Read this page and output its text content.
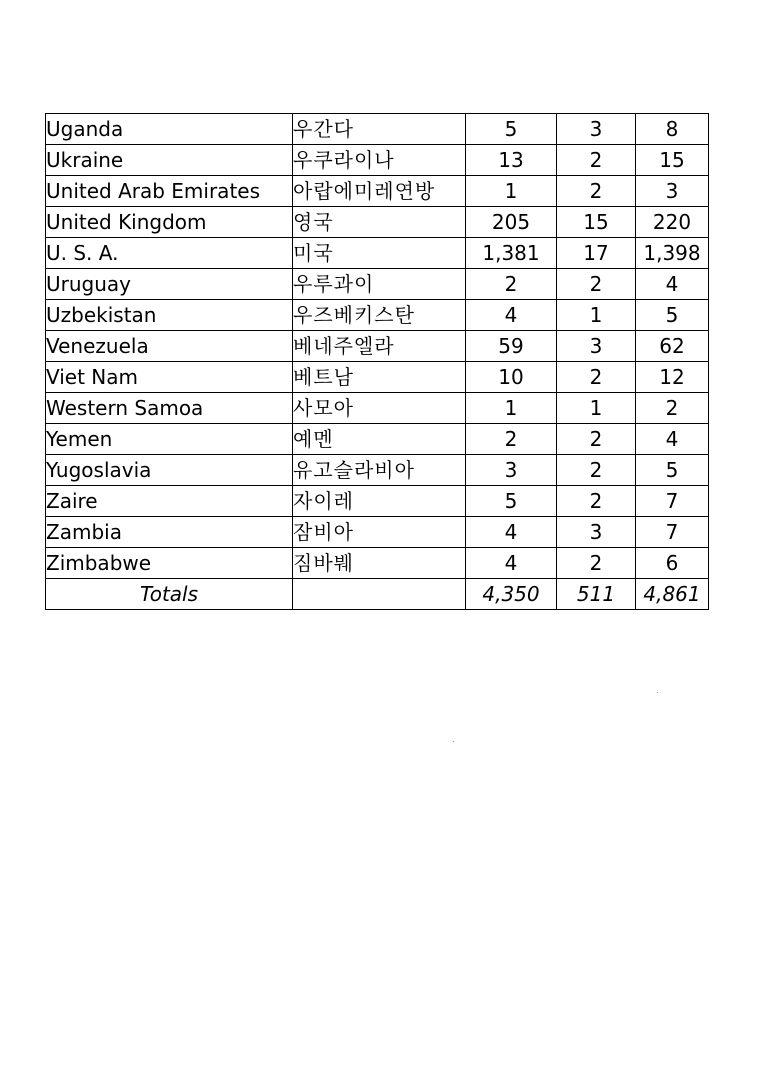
Uganda	우간다	5	3	8
Ukraine	우쿠라이나	13	2	15
United Arab Emirates	아랍에미레연방	1	2	3
United Kingdom	영국	205	15	220
U. S. A.	미국	1,381	17	1,398
Uruguay	우루과이	2	2	4
Uzbekistan	우즈베키스탄	4	1	5
Venezuela	베네주엘라	59	3	62
Viet Nam	베트남	10	2	12
Western Samoa	사모아	1	1	2
Yemen	예멘	2	2	4
Yugoslavia	유고슬라비아	3	2	5
Zaire	자이레	5	2	7
Zambia	잠비아	4	3	7
Zimbabwe	짐바붸	4	2	6
Totals		4,350	511	4,861
